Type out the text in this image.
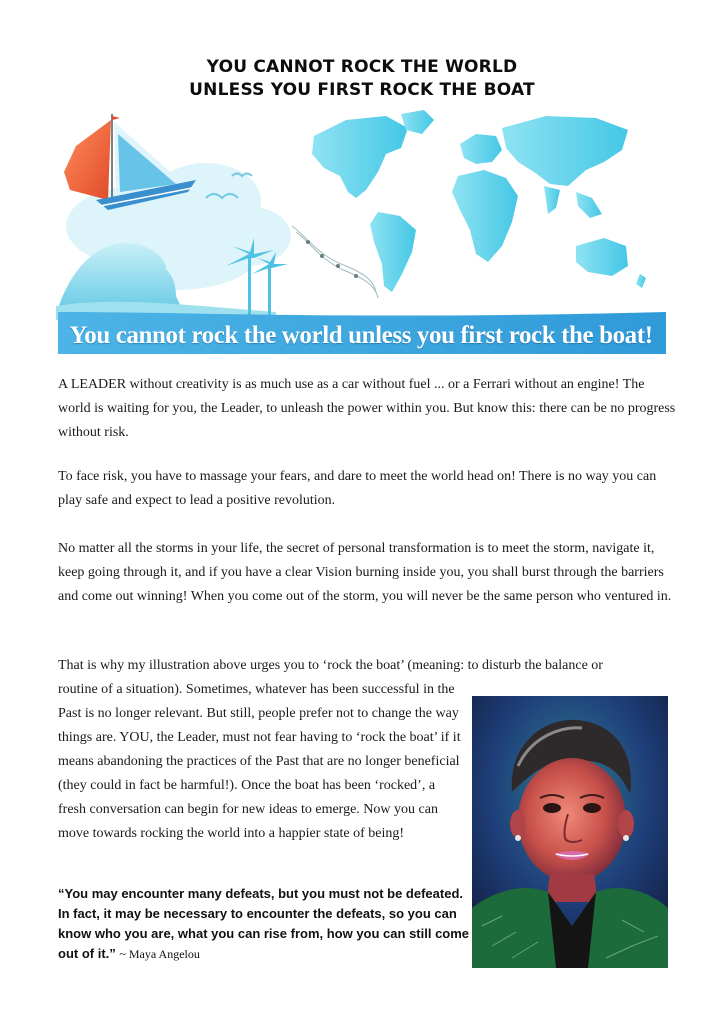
YOU CANNOT ROCK THE WORLD
UNLESS YOU FIRST ROCK THE BOAT
You cannot rock the world unless you first rock the boat!

A LEADER without creativity is as much use as a car without fuel ... or a Ferrari without an engine! The world is waiting for you, the Leader, to unleash the power within you. But know this: there can be no progress without risk.

To face risk, you have to massage your fears, and dare to meet the world head on! There is no way you can play safe and expect to lead a positive revolution.

No matter all the storms in your life, the secret of personal transformation is to meet the storm, navigate it, keep going through it, and if you have a clear Vision burning inside you, you shall burst through the barriers and come out winning! When you come out of the storm, you will never be the same person who ventured in.

That is why my illustration above urges you to ‘rock the boat’ (meaning: to disturb the balance or

routine of a situation). Sometimes, whatever has been successful in the Past is no longer relevant. But still, people prefer not to change the way things are. YOU, the Leader, must not fear having to ‘rock the boat’ if it means abandoning the practices of the Past that are no longer beneficial (they could in fact be harmful!). Once the boat has been ‘rocked’, a fresh conversation can begin for new ideas to emerge. Now you can move towards rocking the world into a happier state of being!

“You may encounter many defeats, but you must not be defeated. In fact, it may be necessary to encounter the defeats, so you can know who you are, what you can rise from, how you can still come out of it.” ~ Maya Angelou
